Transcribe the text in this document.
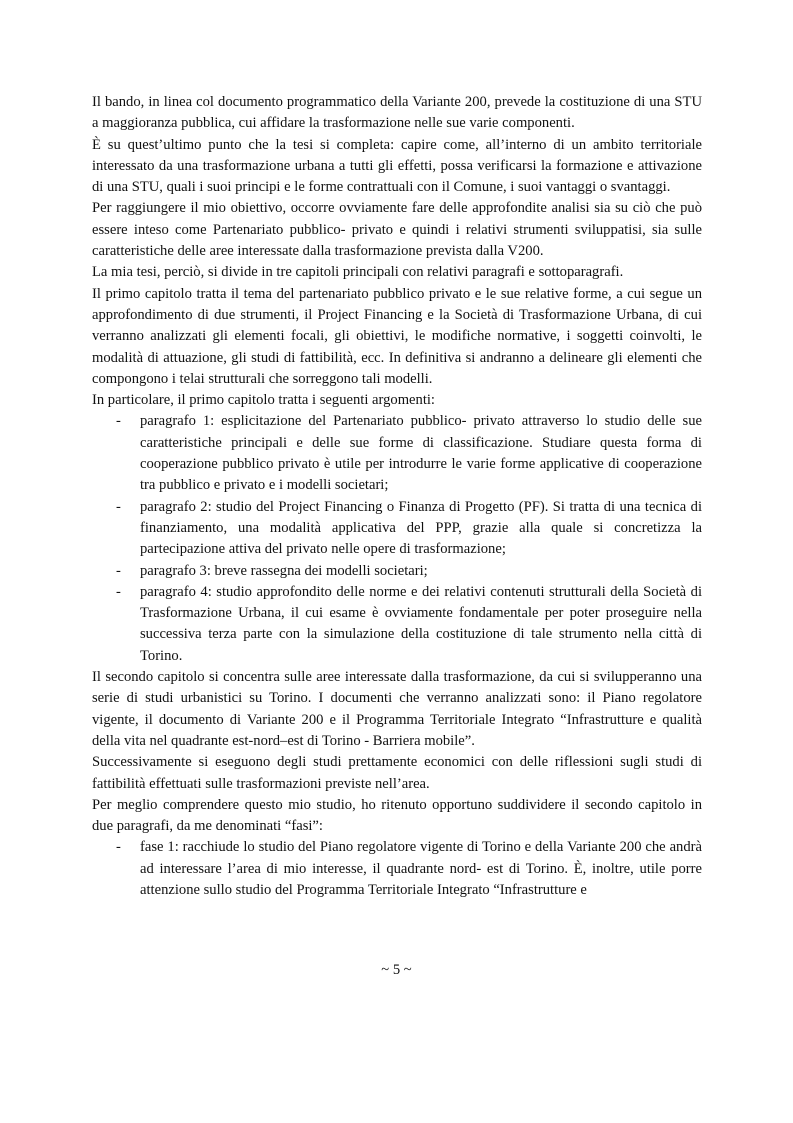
Il bando, in linea col documento programmatico della Variante 200, prevede la costituzione di una STU a maggioranza pubblica, cui affidare la trasformazione nelle sue varie componenti.

È su quest’ultimo punto che la tesi si completa: capire come, all’interno di un ambito territoriale interessato da una trasformazione urbana a tutti gli effetti, possa verificarsi la formazione e attivazione di una STU, quali i suoi principi e le forme contrattuali con il Comune, i suoi vantaggi o svantaggi.

Per raggiungere il mio obiettivo, occorre ovviamente fare delle approfondite analisi sia su ciò che può essere inteso come Partenariato pubblico- privato e quindi i relativi strumenti sviluppatisi, sia sulle caratteristiche delle aree interessate dalla trasformazione prevista dalla V200.

La mia tesi, perciò, si divide in tre capitoli principali con relativi paragrafi e sottoparagrafi.

Il primo capitolo tratta il tema del partenariato pubblico privato e le sue relative forme, a cui segue un approfondimento di due strumenti, il Project Financing e la Società di Trasformazione Urbana, di cui verranno analizzati gli elementi focali, gli obiettivi, le modifiche normative, i soggetti coinvolti, le modalità di attuazione, gli studi di fattibilità, ecc. In definitiva si andranno a delineare gli elementi che compongono i telai strutturali che sorreggono tali modelli.

In particolare, il primo capitolo tratta i seguenti argomenti:

- paragrafo 1: esplicitazione del Partenariato pubblico- privato attraverso lo studio delle sue caratteristiche principali e delle sue forme di classificazione. Studiare questa forma di cooperazione pubblico privato è utile per introdurre le varie forme applicative di cooperazione tra pubblico e privato e i modelli societari;
- paragrafo 2: studio del Project Financing o Finanza di Progetto (PF). Si tratta di una tecnica di finanziamento, una modalità applicativa del PPP, grazie alla quale si concretizza la partecipazione attiva del privato nelle opere di trasformazione;
- paragrafo 3: breve rassegna dei modelli societari;
- paragrafo 4: studio approfondito delle norme e dei relativi contenuti strutturali della Società di Trasformazione Urbana, il cui esame è ovviamente fondamentale per poter proseguire nella successiva terza parte con la simulazione della costituzione di tale strumento nella città di Torino.

Il secondo capitolo si concentra sulle aree interessate dalla trasformazione, da cui si svilupperanno una serie di studi urbanistici su Torino. I documenti che verranno analizzati sono: il Piano regolatore vigente, il documento di Variante 200 e il Programma Territoriale Integrato “Infrastrutture e qualità della vita nel quadrante est-nord–est di Torino - Barriera mobile”.

Successivamente si eseguono degli studi prettamente economici con delle riflessioni sugli studi di fattibilità effettuati sulle trasformazioni previste nell’area.

Per meglio comprendere questo mio studio, ho ritenuto opportuno suddividere il secondo capitolo in due paragrafi, da me denominati “fasi”:

- fase 1: racchiude lo studio del Piano regolatore vigente di Torino e della Variante 200 che andrà ad interessare l’area di mio interesse, il quadrante nord- est di Torino. È, inoltre, utile porre attenzione sullo studio del Programma Territoriale Integrato “Infrastrutture e
~ 5 ~
